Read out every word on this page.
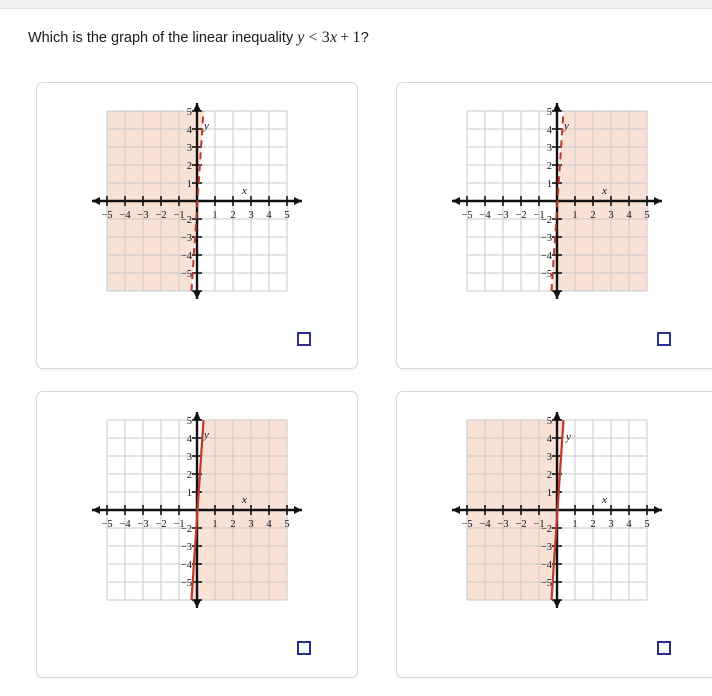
Which is the graph of the linear inequality y < 3x + 1?
−5 −4 −3 −2 −1	1 2 3 4 5
5
4
3
2
1
−2
−3
−4
−5
x
y
−5 −4 −3 −2 −1	1 2 3 4 5
5
4
3
2
1
−2
−3
−4
−5
x
y
−5 −4 −3 −2 −1	1 2 3 4 5
5
4
3
2
1
−2
−3
−4
−5
x
y
−5 −4 −3 −2 −1	1 2 3 4 5
5
4
3
2
1
−2
−3
−4
−5
x
y
